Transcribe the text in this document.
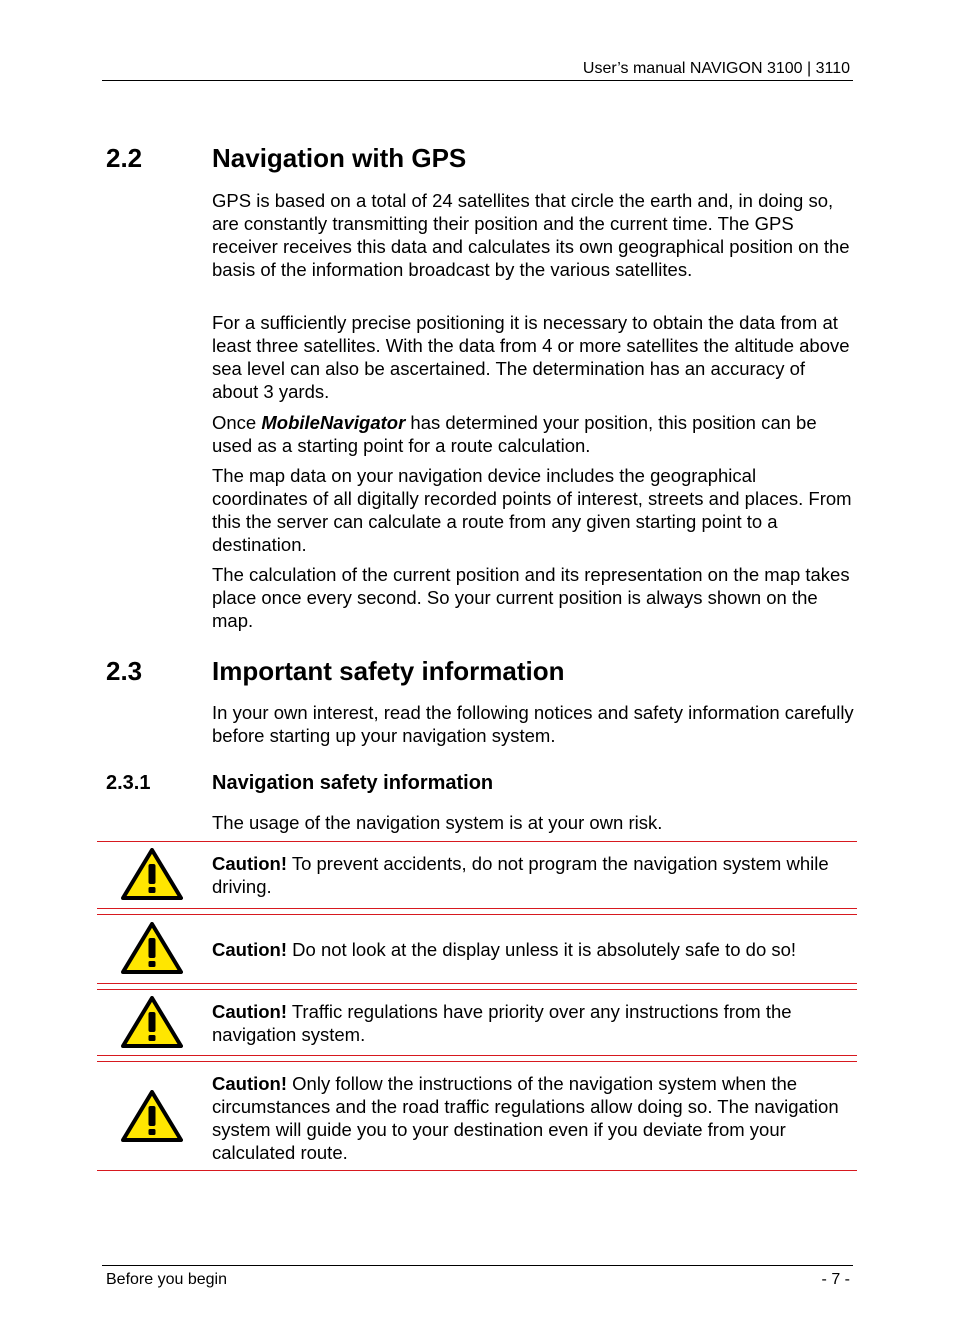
User’s manual NAVIGON 3100 | 3110
2.2	Navigation with GPS

GPS is based on a total of 24 satellites that circle the earth and, in doing so, are constantly transmitting their position and the current time. The GPS receiver receives this data and calculates its own geographical position on the basis of the information broadcast by the various satellites.

For a sufficiently precise positioning it is necessary to obtain the data from at least three satellites. With the data from 4 or more satellites the altitude above sea level can also be ascertained. The determination has an accuracy of about 3 yards.

Once MobileNavigator has determined your position, this position can be used as a starting point for a route calculation.

The map data on your navigation device includes the geographical coordinates of all digitally recorded points of interest, streets and places. From this the server can calculate a route from any given starting point to a destination.

The calculation of the current position and its representation on the map takes place once every second. So your current position is always shown on the map.

2.3	Important safety information

In your own interest, read the following notices and safety information carefully before starting up your navigation system.

2.3.1	Navigation safety information

The usage of the navigation system is at your own risk.

Caution! To prevent accidents, do not program the navigation system while driving.
Caution! Do not look at the display unless it is absolutely safe to do so!
Caution! Traffic regulations have priority over any instructions from the navigation system.
Caution! Only follow the instructions of the navigation system when the circumstances and the road traffic regulations allow doing so. The navigation system will guide you to your destination even if you deviate from your calculated route.
Before you begin	- 7 -
